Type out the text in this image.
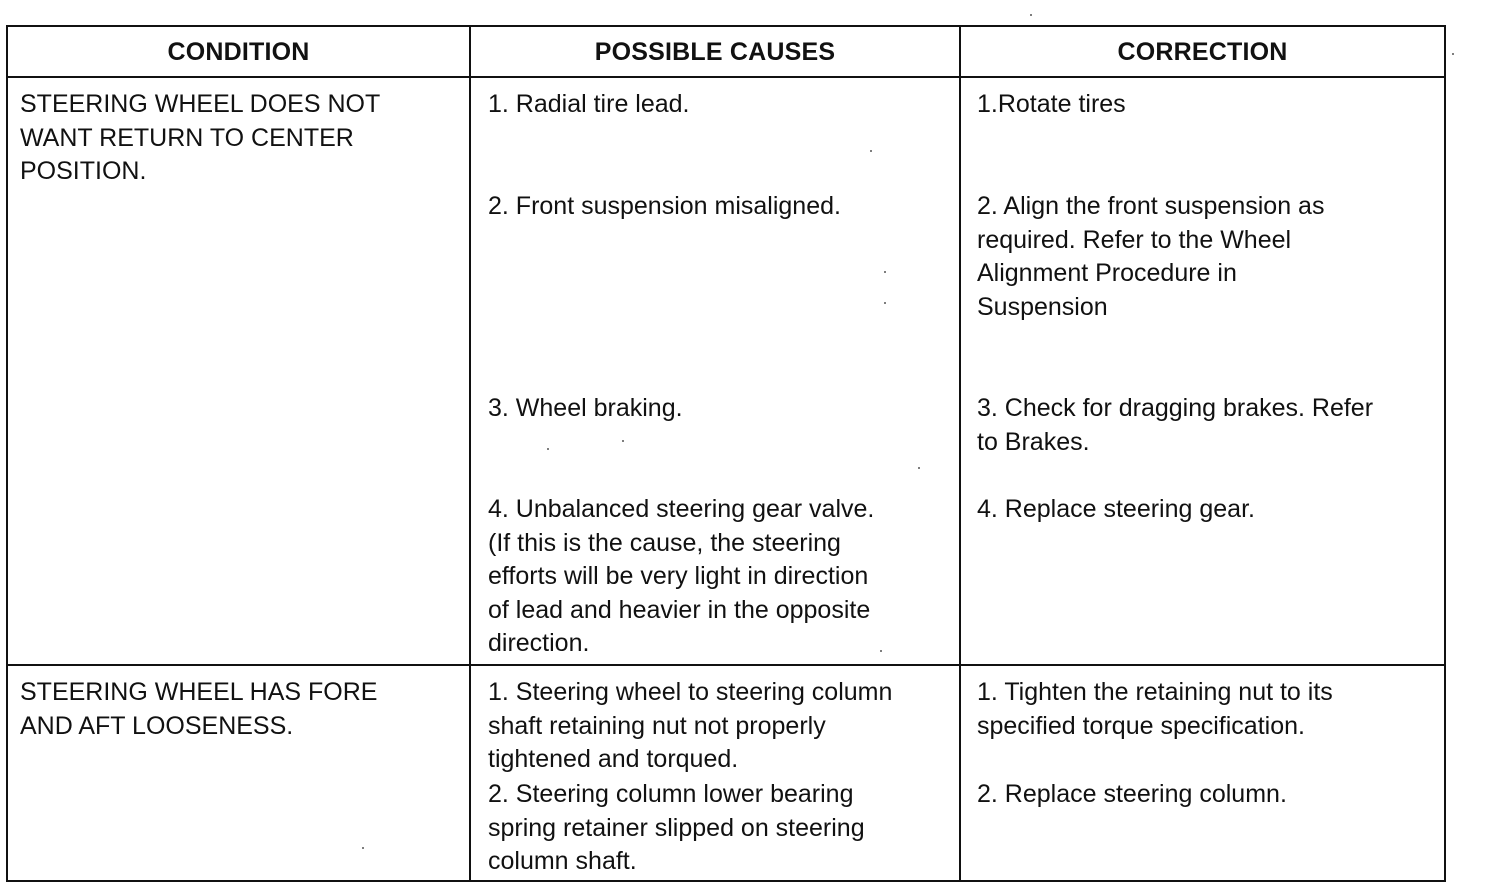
CONDITION	POSSIBLE CAUSES	CORRECTION
STEERING WHEEL DOES NOT
WANT RETURN TO CENTER
POSITION.
1. Radial tire lead.
2. Front suspension misaligned.
3. Wheel braking.
4. Unbalanced steering gear valve.
(If this is the cause, the steering
efforts will be very light in direction
of lead and heavier in the opposite
direction.
1.Rotate tires
2. Align the front suspension as
required. Refer to the Wheel
Alignment Procedure in
Suspension
3. Check for dragging brakes. Refer
to Brakes.
4. Replace steering gear.
STEERING WHEEL HAS FORE
AND AFT LOOSENESS.
1. Steering wheel to steering column
shaft retaining nut not properly
tightened and torqued.
2. Steering column lower bearing
spring retainer slipped on steering
column shaft.
1. Tighten the retaining nut to its
specified torque specification.
2. Replace steering column.
